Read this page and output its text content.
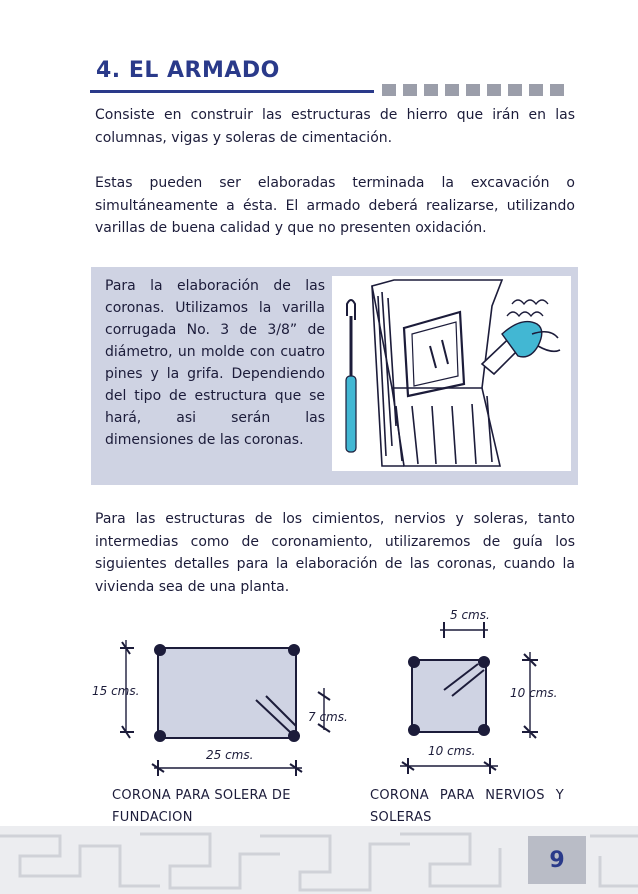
4. EL ARMADO
Consiste en construir las estructuras de hierro que irán en las columnas, vigas y soleras de cimentación.
Estas pueden ser elaboradas terminada la excavación o simultáneamente a ésta. El armado deberá realizarse, utilizando varillas de buena calidad y que no presenten oxidación.
Para la elaboración de las coronas. Utilizamos la varilla corrugada No. 3 de 3/8” de diámetro, un molde con cuatro pines y la grifa. Dependiendo del tipo de estructura que se hará, asi serán las dimensiones de las coronas.
Para las estructuras de los cimientos, nervios y soleras, tanto intermedias como de coronamiento, utilizaremos de guía los siguientes detalles para la elaboración de las coronas, cuando la vivienda sea de una planta.
15 cms.
7 cms.
25 cms.
5 cms.
10 cms.
10 cms.
CORONA PARA SOLERA DE FUNDACION
CORONA PARA NERVIOS Y SOLERAS
9
